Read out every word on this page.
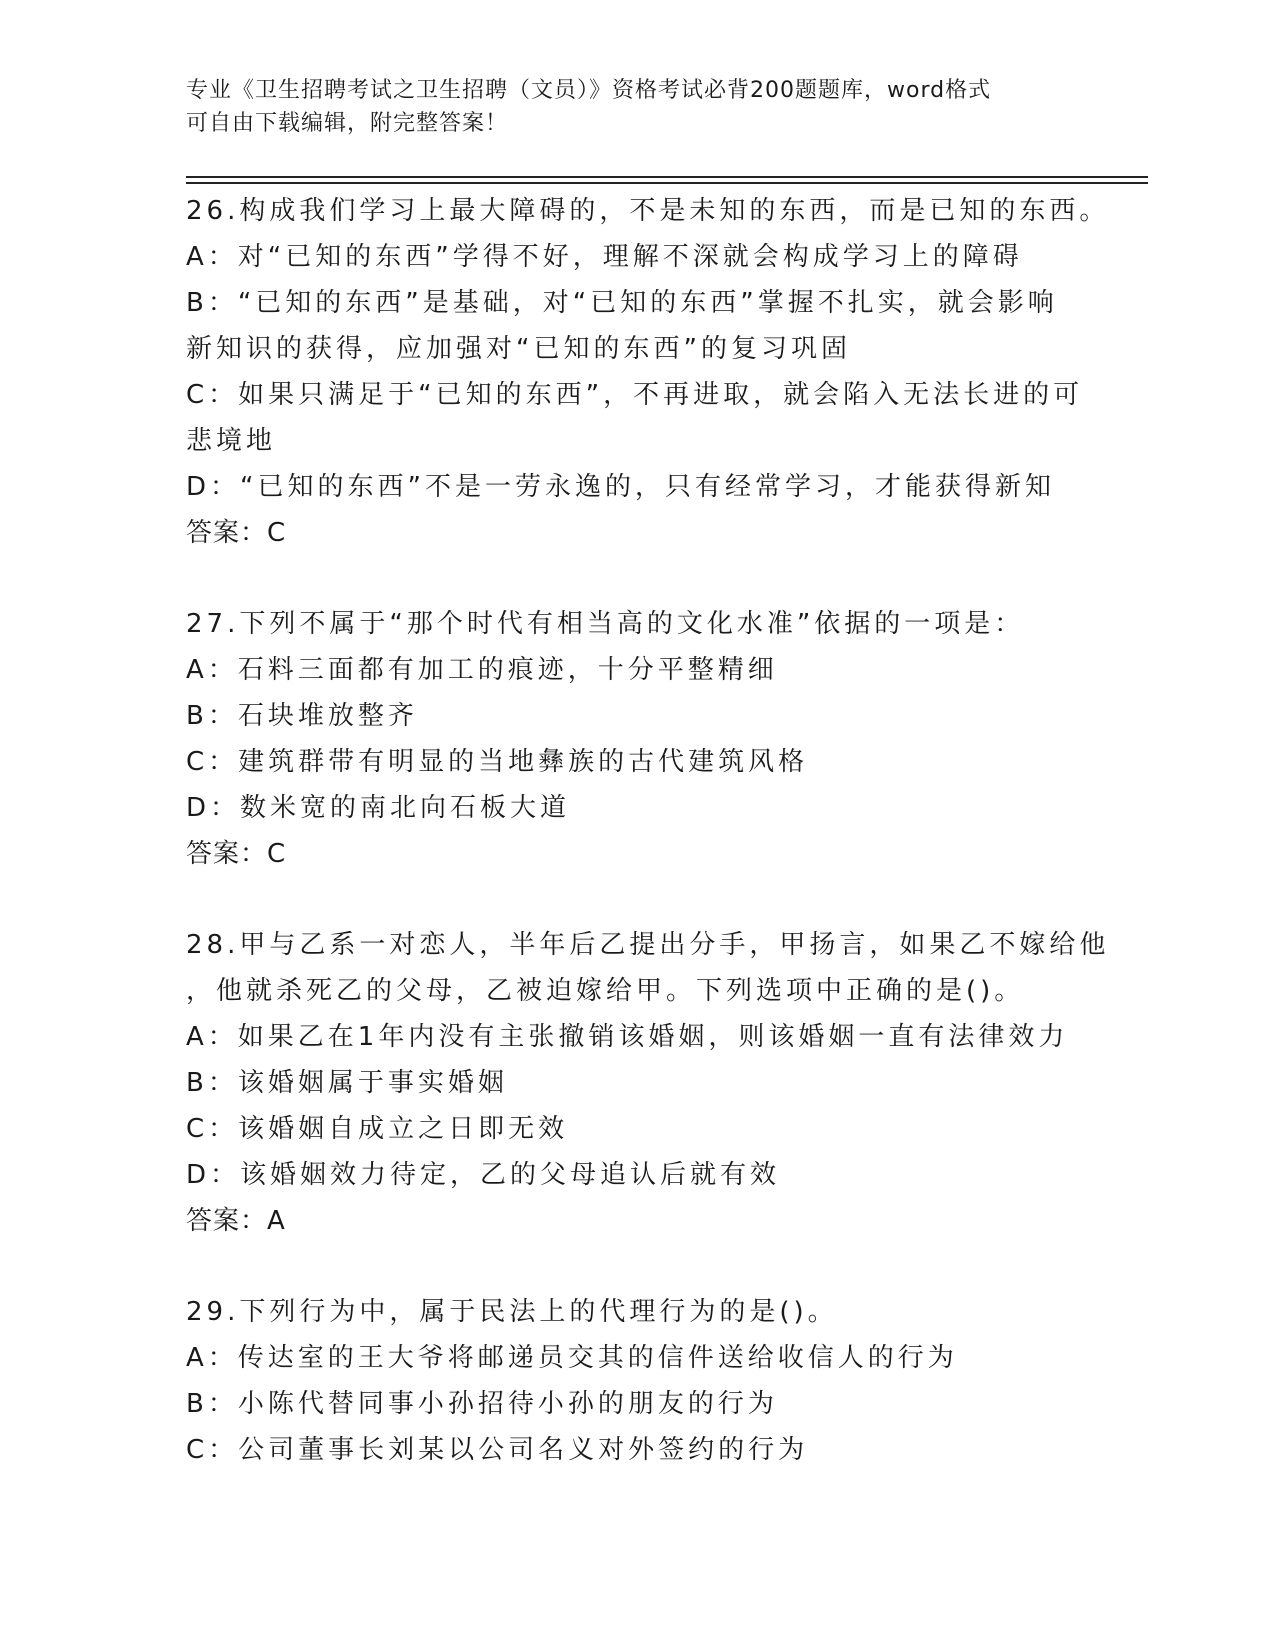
专业《卫生招聘考试之卫生招聘（文员）》资格考试必背200题题库，word格式
可自由下载编辑，附完整答案！
26.构成我们学习上最大障碍的，不是未知的东西，而是已知的东西。
A：对“已知的东西”学得不好，理解不深就会构成学习上的障碍
B：“已知的东西”是基础，对“已知的东西”掌握不扎实，就会影响
新知识的获得，应加强对“已知的东西”的复习巩固
C：如果只满足于“已知的东西”，不再进取，就会陷入无法长进的可
悲境地
D：“已知的东西”不是一劳永逸的，只有经常学习，才能获得新知
答案：C
27.下列不属于“那个时代有相当高的文化水准”依据的一项是：
A：石料三面都有加工的痕迹，十分平整精细
B：石块堆放整齐
C：建筑群带有明显的当地彝族的古代建筑风格
D：数米宽的南北向石板大道
答案：C
28.甲与乙系一对恋人，半年后乙提出分手，甲扬言，如果乙不嫁给他
，他就杀死乙的父母，乙被迫嫁给甲。下列选项中正确的是()。
A：如果乙在1年内没有主张撤销该婚姻，则该婚姻一直有法律效力
B：该婚姻属于事实婚姻
C：该婚姻自成立之日即无效
D：该婚姻效力待定，乙的父母追认后就有效
答案：A
29.下列行为中，属于民法上的代理行为的是()。
A：传达室的王大爷将邮递员交其的信件送给收信人的行为
B：小陈代替同事小孙招待小孙的朋友的行为
C：公司董事长刘某以公司名义对外签约的行为
